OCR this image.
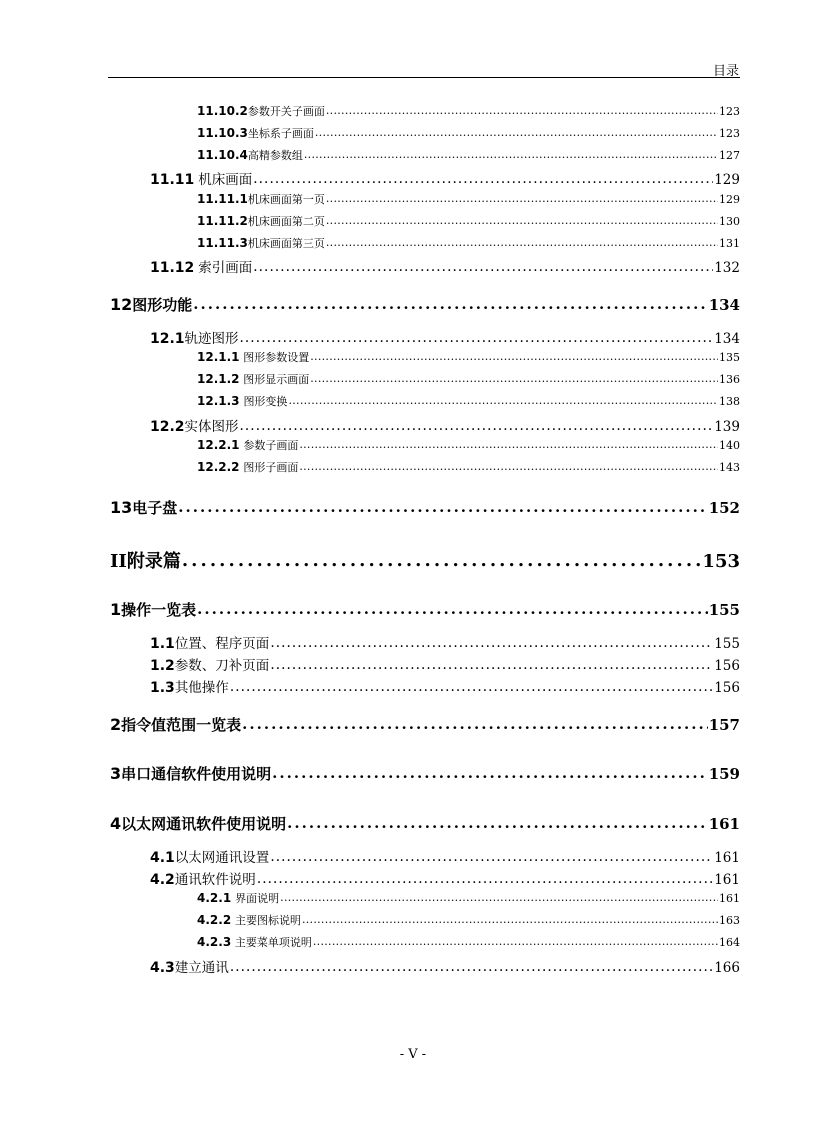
目录
11.10.2 参数开关子画面 . . .	123
11.10.3 坐标系子画面 . . .	123
11.10.4 高精参数组 . . .	127
11.11 机床画面 . . .	129
11.11.1 机床画面第一页 . . .	129
11.11.2 机床画面第二页 . . .	130
11.11.3 机床画面第三页 . . .	131
11.12 索引画面 . . .	132
12 图形功能 . . .	134
12.1 轨迹图形 . . .	134
12.1.1 图形参数设置 . . .	135
12.1.2 图形显示画面 . . .	136
12.1.3 图形变换 . . .	138
12.2 实体图形 . . .	139
12.2.1 参数子画面 . . .	140
12.2.2 图形子画面 . . .	143
13 电子盘 . . .	152
II 附录篇 . . .	153
1 操作一览表 . . .	155
1.1 位置、程序页面 . . .	155
1.2 参数、刀补页面 . . .	156
1.3 其他操作 . . .	156
2 指令值范围一览表 . . .	157
3 串口通信软件使用说明 . . .	159
4 以太网通讯软件使用说明 . . .	161
4.1 以太网通讯设置 . . .	161
4.2 通讯软件说明 . . .	161
4.2.1 界面说明 . . .	161
4.2.2 主要图标说明 . . .	163
4.2.3 主要菜单项说明 . . .	164
4.3 建立通讯 . . .	166
- V -
